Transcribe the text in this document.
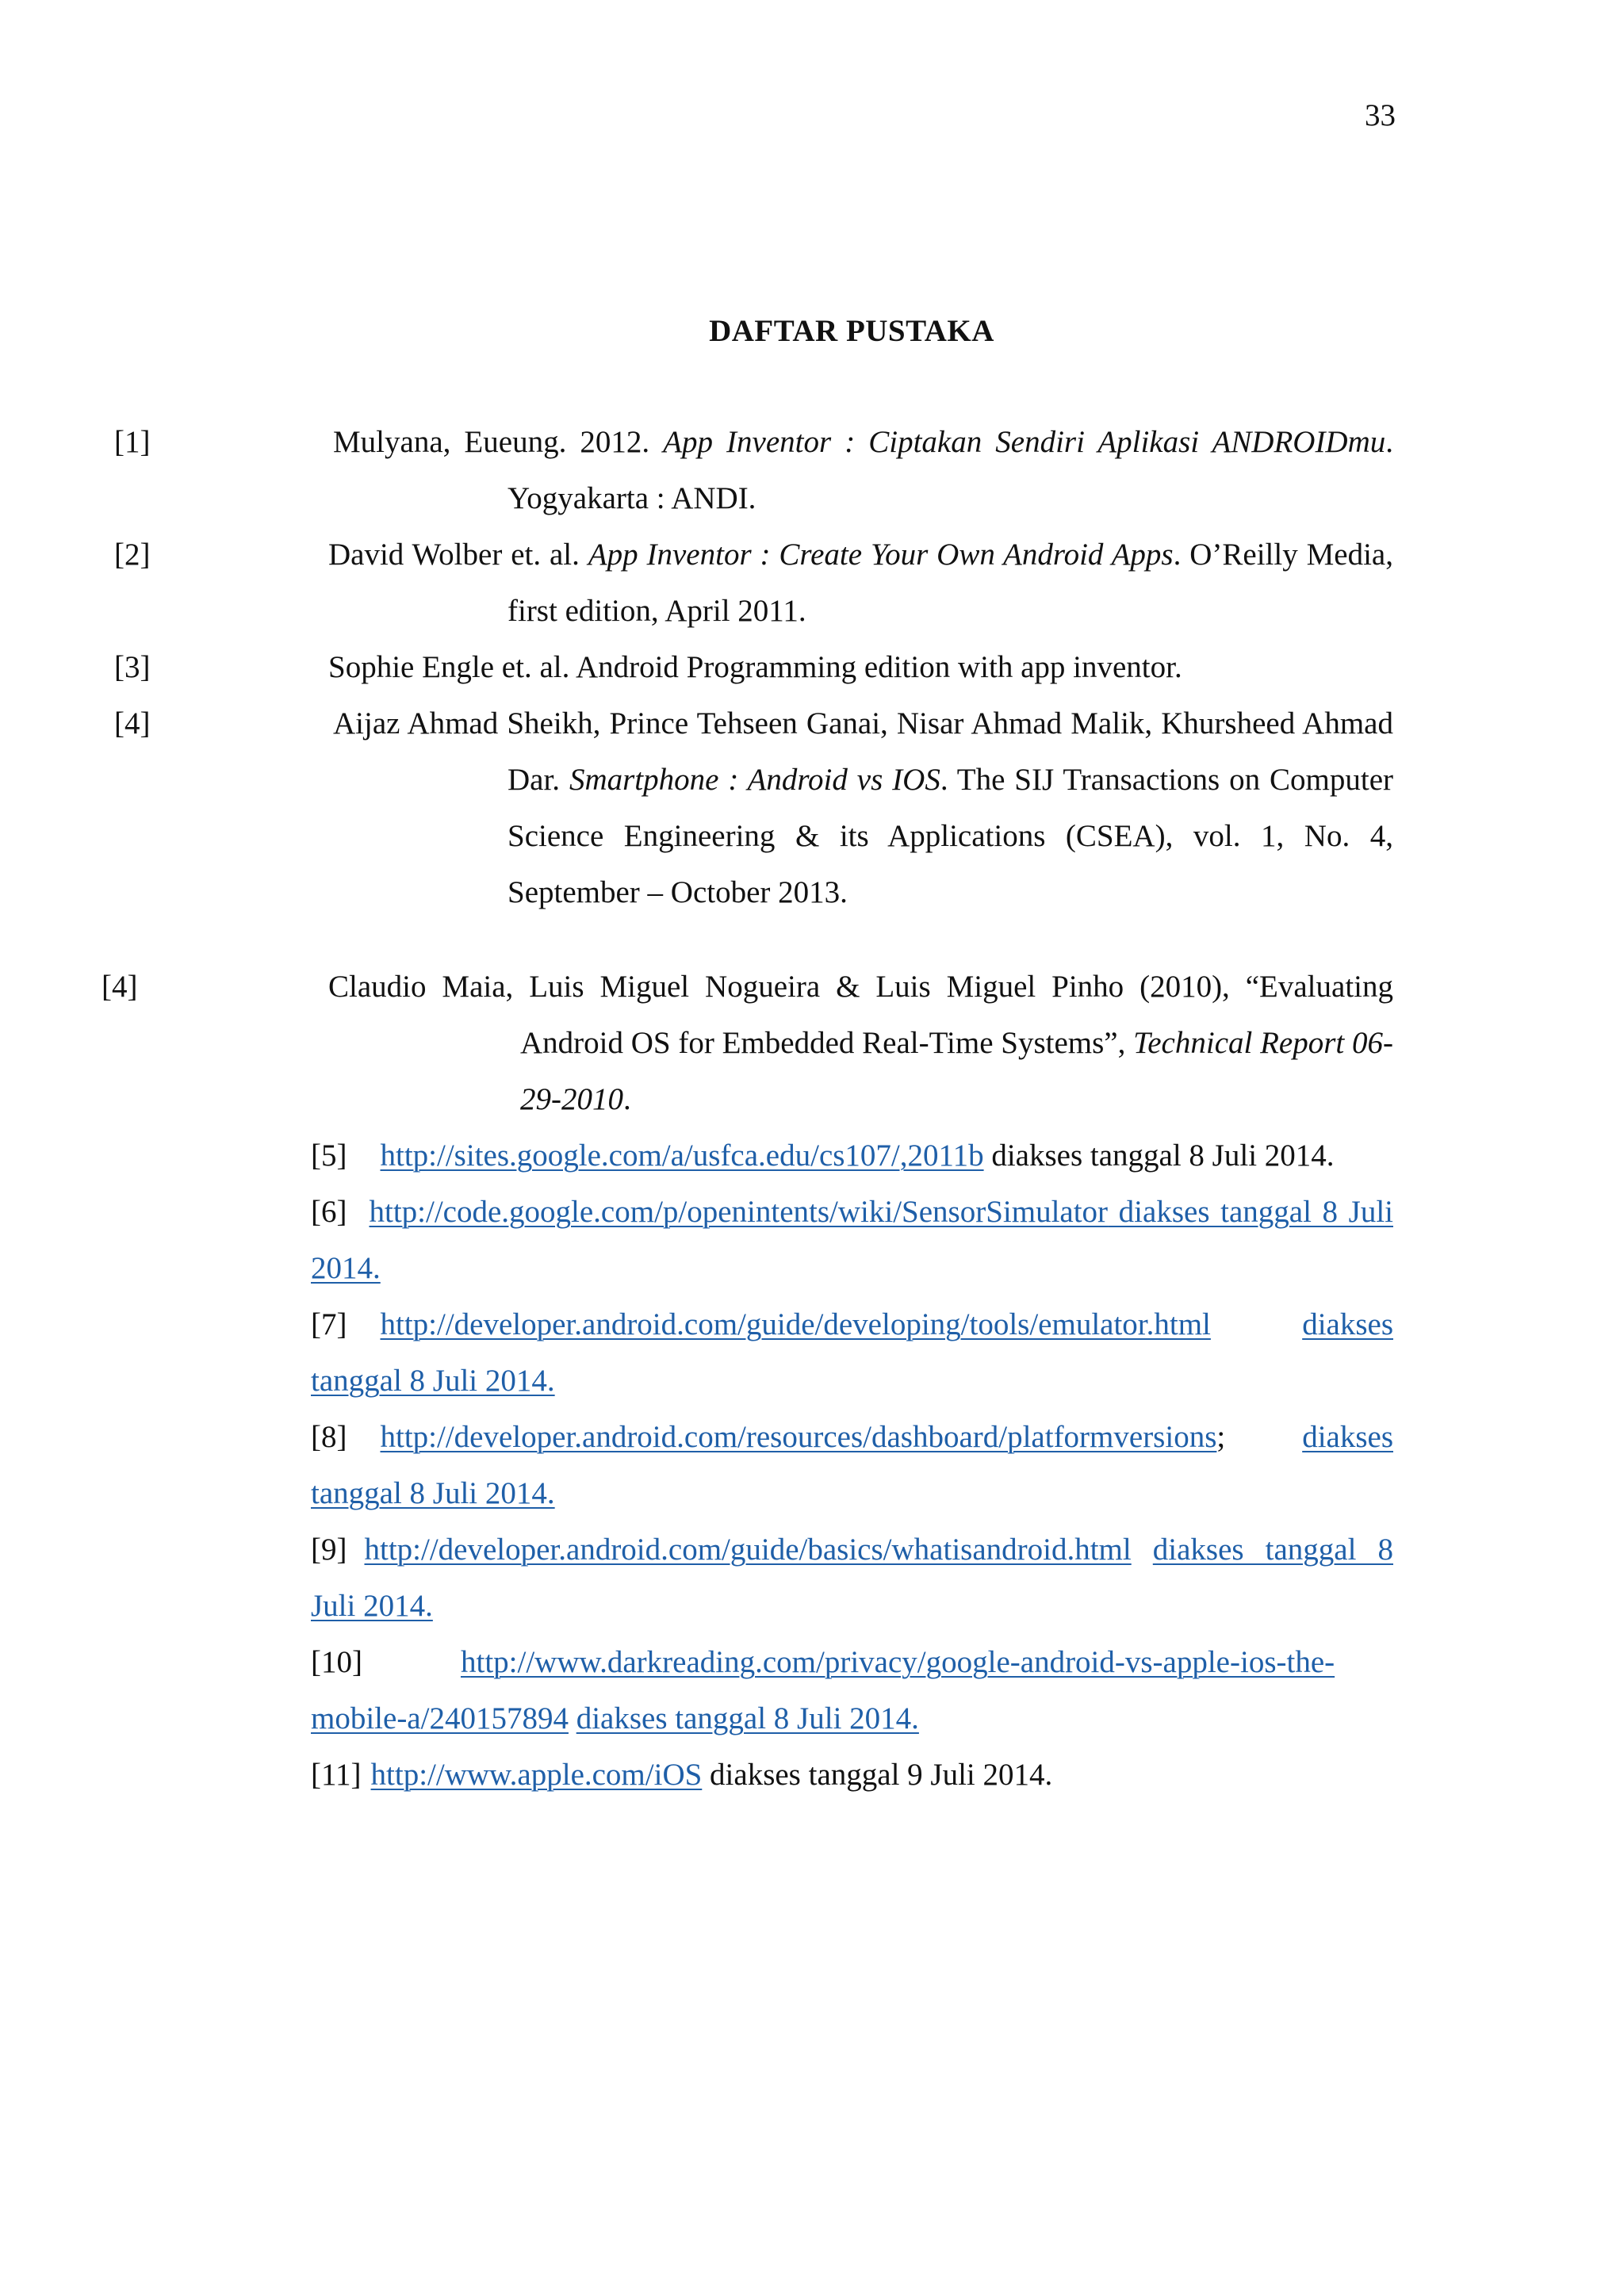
33
DAFTAR PUSTAKA

[1]	Mulyana, Eueung. 2012. App Inventor : Ciptakan Sendiri Aplikasi ANDROIDmu. Yogyakarta : ANDI.

[2]	David Wolber et. al. App Inventor : Create Your Own Android Apps. O’Reilly Media, first edition, April 2011.

[3]	Sophie Engle et. al. Android Programming edition with app inventor.

[4]	Aijaz Ahmad Sheikh, Prince Tehseen Ganai, Nisar Ahmad Malik, Khursheed Ahmad Dar. Smartphone : Android vs IOS. The SIJ Transactions on Computer Science Engineering & its Applications (CSEA), vol. 1, No. 4, September – October 2013.

[4]	Claudio Maia, Luis Miguel Nogueira & Luis Miguel Pinho (2010), “Evaluating Android OS for Embedded Real-Time Systems”, Technical Report 06-29-2010.

[5] http://sites.google.com/a/usfca.edu/cs107/,2011b diakses tanggal 8 Juli 2014.

[6] http://code.google.com/p/openintents/wiki/SensorSimulator diakses tanggal 8 Juli 2014.

[7] http://developer.android.com/guide/developing/tools/emulator.html	diakses tanggal 8 Juli 2014.

[8] http://developer.android.com/resources/dashboard/platformversions; diakses tanggal 8 Juli 2014.

[9] http://developer.android.com/guide/basics/whatisandroid.html diakses tanggal 8 Juli 2014.

[10]	http://www.darkreading.com/privacy/google-android-vs-apple-ios-the-mobile-a/240157894 diakses tanggal 8 Juli 2014.

[11] http://www.apple.com/iOS diakses tanggal 9 Juli 2014.
